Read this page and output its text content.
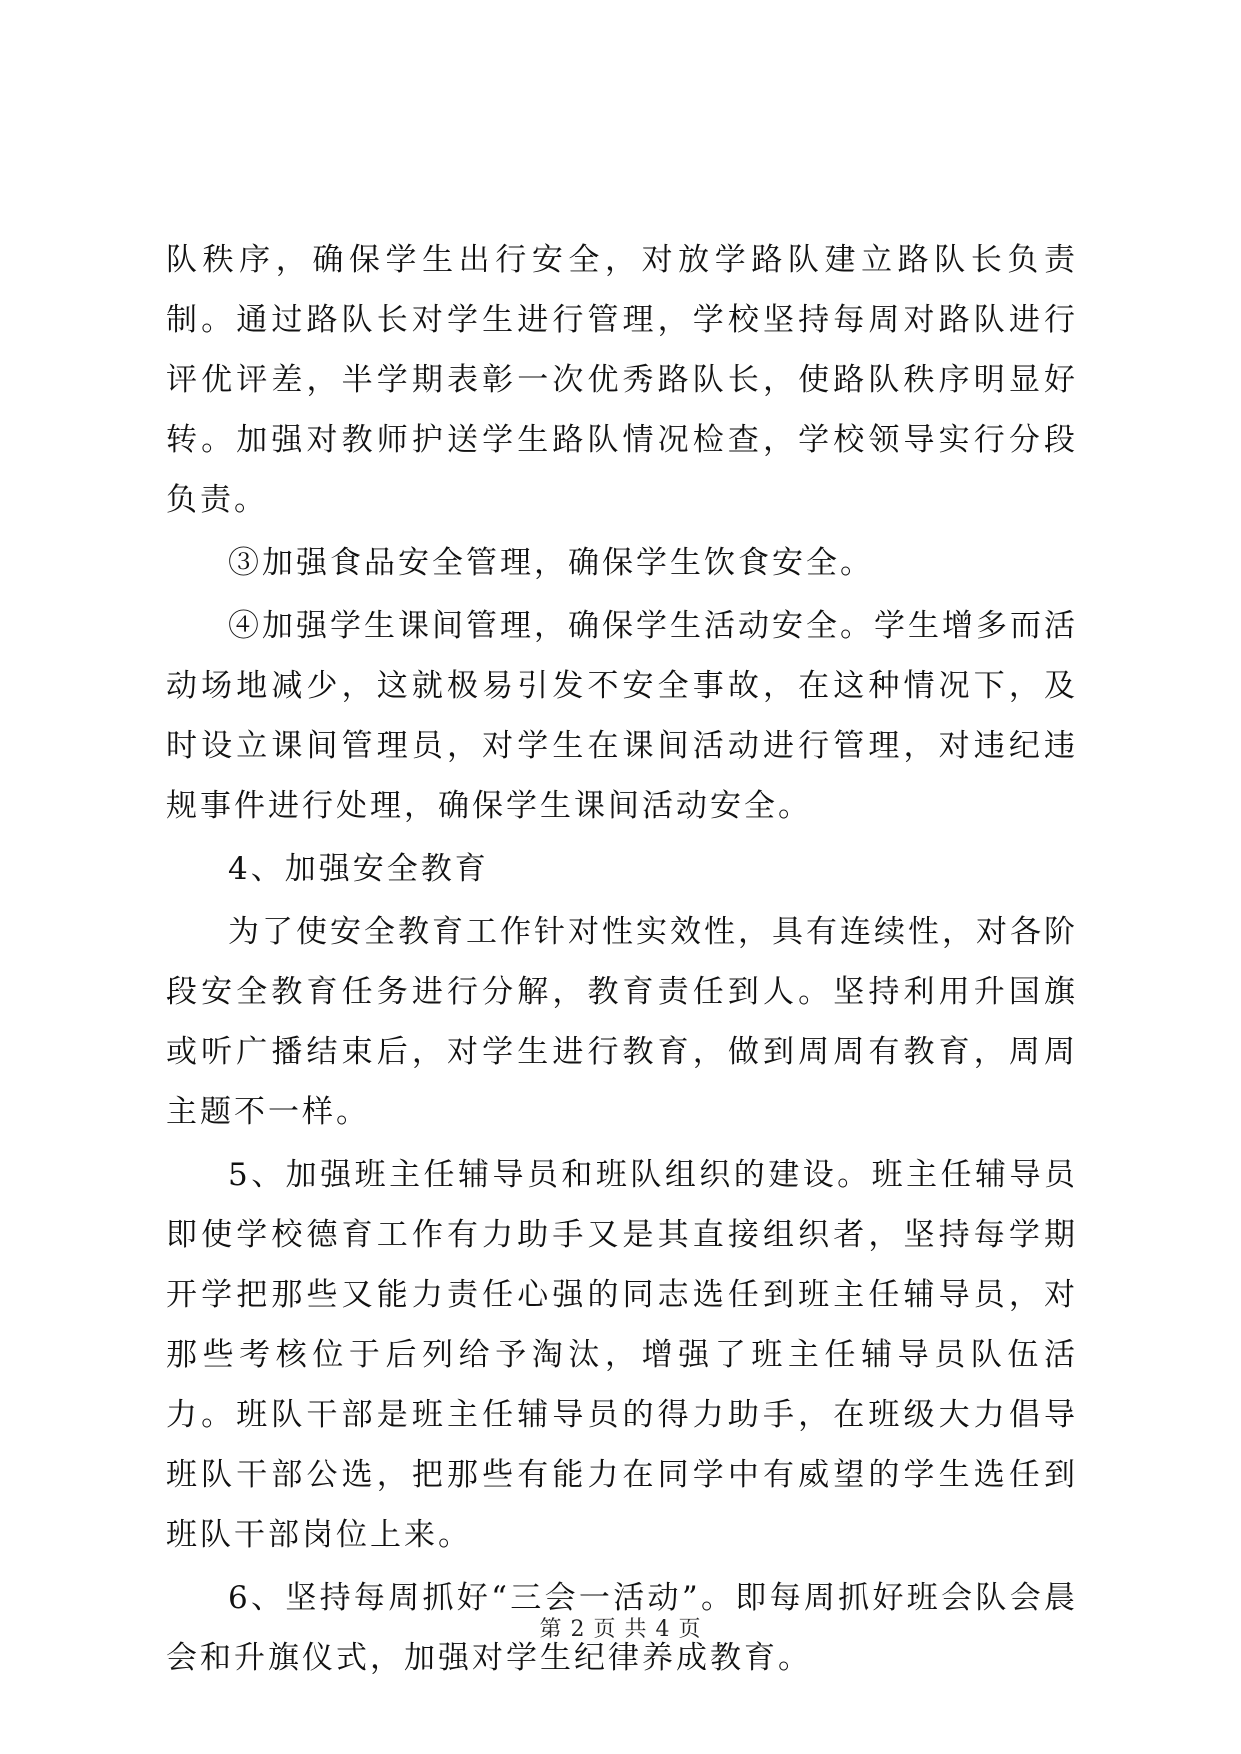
队秩序，确保学生出行安全，对放学路队建立路队长负责制。通过路队长对学生进行管理，学校坚持每周对路队进行评优评差，半学期表彰一次优秀路队长，使路队秩序明显好转。加强对教师护送学生路队情况检查，学校领导实行分段负责。

③加强食品安全管理，确保学生饮食安全。

④加强学生课间管理，确保学生活动安全。学生增多而活动场地减少，这就极易引发不安全事故，在这种情况下，及时设立课间管理员，对学生在课间活动进行管理，对违纪违规事件进行处理，确保学生课间活动安全。

4、加强安全教育

为了使安全教育工作针对性实效性，具有连续性，对各阶段安全教育任务进行分解，教育责任到人。坚持利用升国旗或听广播结束后，对学生进行教育，做到周周有教育，周周主题不一样。

5、加强班主任辅导员和班队组织的建设。班主任辅导员即使学校德育工作有力助手又是其直接组织者，坚持每学期开学把那些又能力责任心强的同志选任到班主任辅导员，对那些考核位于后列给予淘汰，增强了班主任辅导员队伍活力。班队干部是班主任辅导员的得力助手，在班级大力倡导班队干部公选，把那些有能力在同学中有威望的学生选任到班队干部岗位上来。

6、坚持每周抓好“三会一活动”。即每周抓好班会队会晨会和升旗仪式，加强对学生纪律养成教育。

第 2 页 共 4 页
